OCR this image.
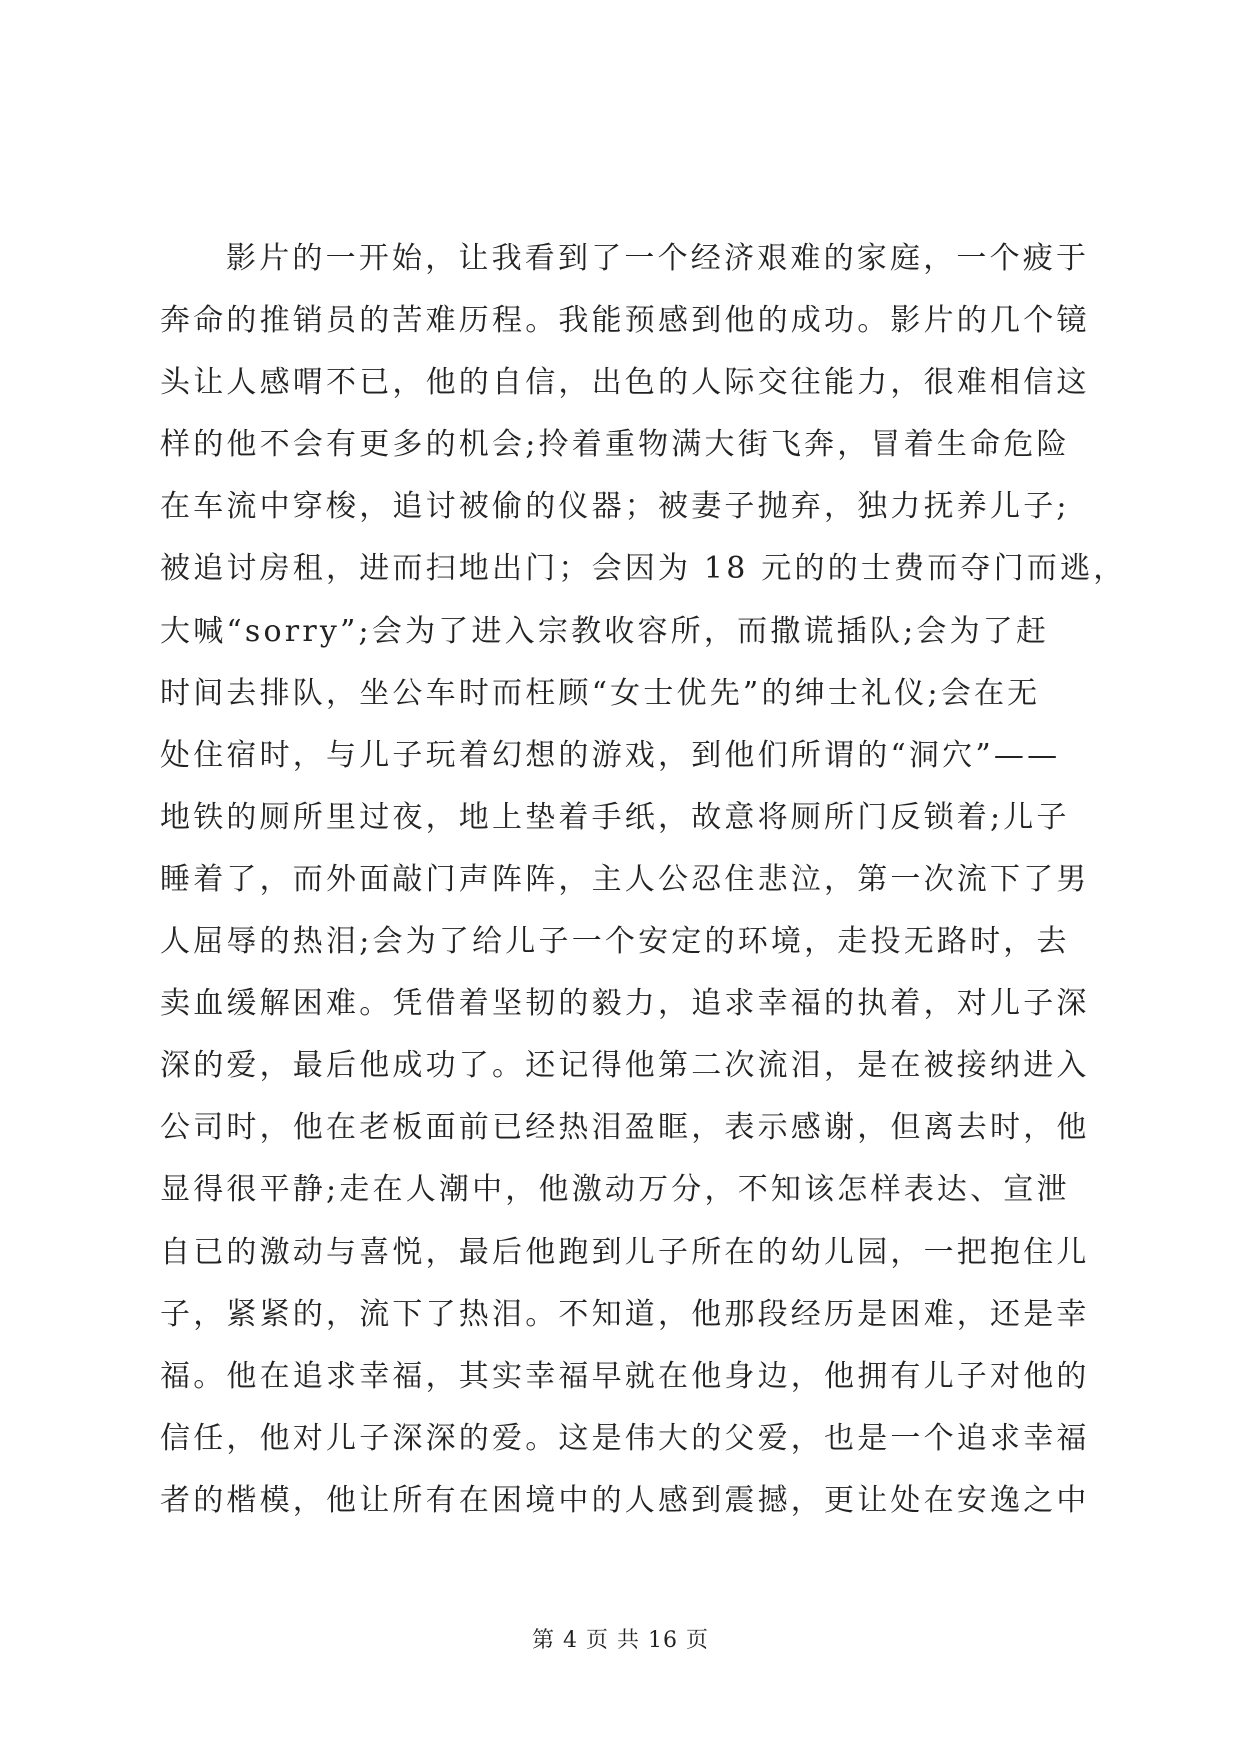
影片的一开始，让我看到了一个经济艰难的家庭，一个疲于
奔命的推销员的苦难历程。我能预感到他的成功。影片的几个镜
头让人感喟不已，他的自信，出色的人际交往能力，很难相信这
样的他不会有更多的机会;拎着重物满大街飞奔，冒着生命危险
在车流中穿梭，追讨被偷的仪器；被妻子抛弃，独力抚养儿子;
被追讨房租，进而扫地出门；会因为 18 元的的士费而夺门而逃，
大喊“sorry”;会为了进入宗教收容所，而撒谎插队;会为了赶
时间去排队，坐公车时而枉顾“女士优先”的绅士礼仪;会在无
处住宿时，与儿子玩着幻想的游戏，到他们所谓的“洞穴”——
地铁的厕所里过夜，地上垫着手纸，故意将厕所门反锁着;儿子
睡着了，而外面敲门声阵阵，主人公忍住悲泣，第一次流下了男
人屈辱的热泪;会为了给儿子一个安定的环境，走投无路时，去
卖血缓解困难。凭借着坚韧的毅力，追求幸福的执着，对儿子深
深的爱，最后他成功了。还记得他第二次流泪，是在被接纳进入
公司时，他在老板面前已经热泪盈眶，表示感谢，但离去时，他
显得很平静;走在人潮中，他激动万分，不知该怎样表达、宣泄
自已的激动与喜悦，最后他跑到儿子所在的幼儿园，一把抱住儿
子，紧紧的，流下了热泪。不知道，他那段经历是困难，还是幸
福。他在追求幸福，其实幸福早就在他身边，他拥有儿子对他的
信任，他对儿子深深的爱。这是伟大的父爱，也是一个追求幸福
者的楷模，他让所有在困境中的人感到震撼，更让处在安逸之中

第 4 页 共 16 页
